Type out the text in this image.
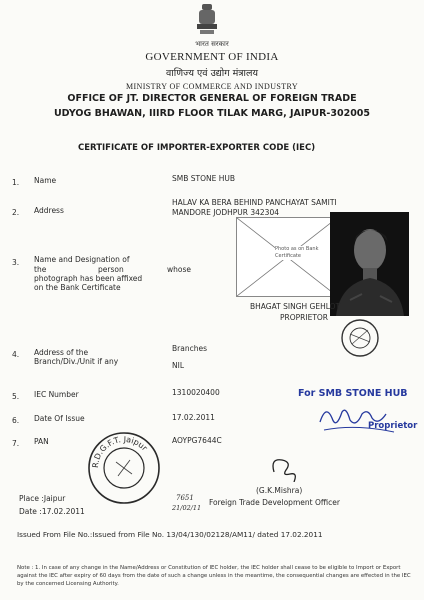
भारत सरकार
GOVERNMENT OF INDIA
वाणिज्य एवं उद्योग मंत्रालय
MINISTRY OF COMMERCE AND INDUSTRY
OFFICE OF JT. DIRECTOR GENERAL OF FOREIGN TRADE
UDYOG BHAWAN, IIIRD FLOOR TILAK MARG, JAIPUR-302005
CERTIFICATE OF IMPORTER-EXPORTER CODE (IEC)
1. Name	SMB STONE HUB
2. Address
HALAV KA BERA BEHIND PANCHAYAT SAMITI
MANDORE JODHPUR 342304
3. Name and Designation of
the	person	whose
photograph has been affixed
on the Bank Certificate
Photo as on Bank
Certificate
BHAGAT SINGH GEHLOT
PROPRIETOR
4. Address of the
Branch/Div./Unit if any
Branches
NIL
5. IEC Number	1310020400
6. Date Of Issue	17.02.2011
7. PAN	AOYPG7644C
R.D.G.F.T. Jaipur
For SMB STONE HUB
Proprietor
(G.K.Mishra)
Foreign Trade Development Officer
Place :Jaipur
Date :17.02.2011
7651
21/02/11
Issued From File No.:Issued from File No. 13/04/130/02128/AM11/ dated 17.02.2011
Note : 1. In case of any change in the Name/Address or Constitution of IEC holder, the IEC holder shall cease to be eligible to Import or Export against the IEC after expiry of 60 days from the date of such a change unless in the meantime, the consequential changes are effected in the IEC by the concerned Licensing Authority.
